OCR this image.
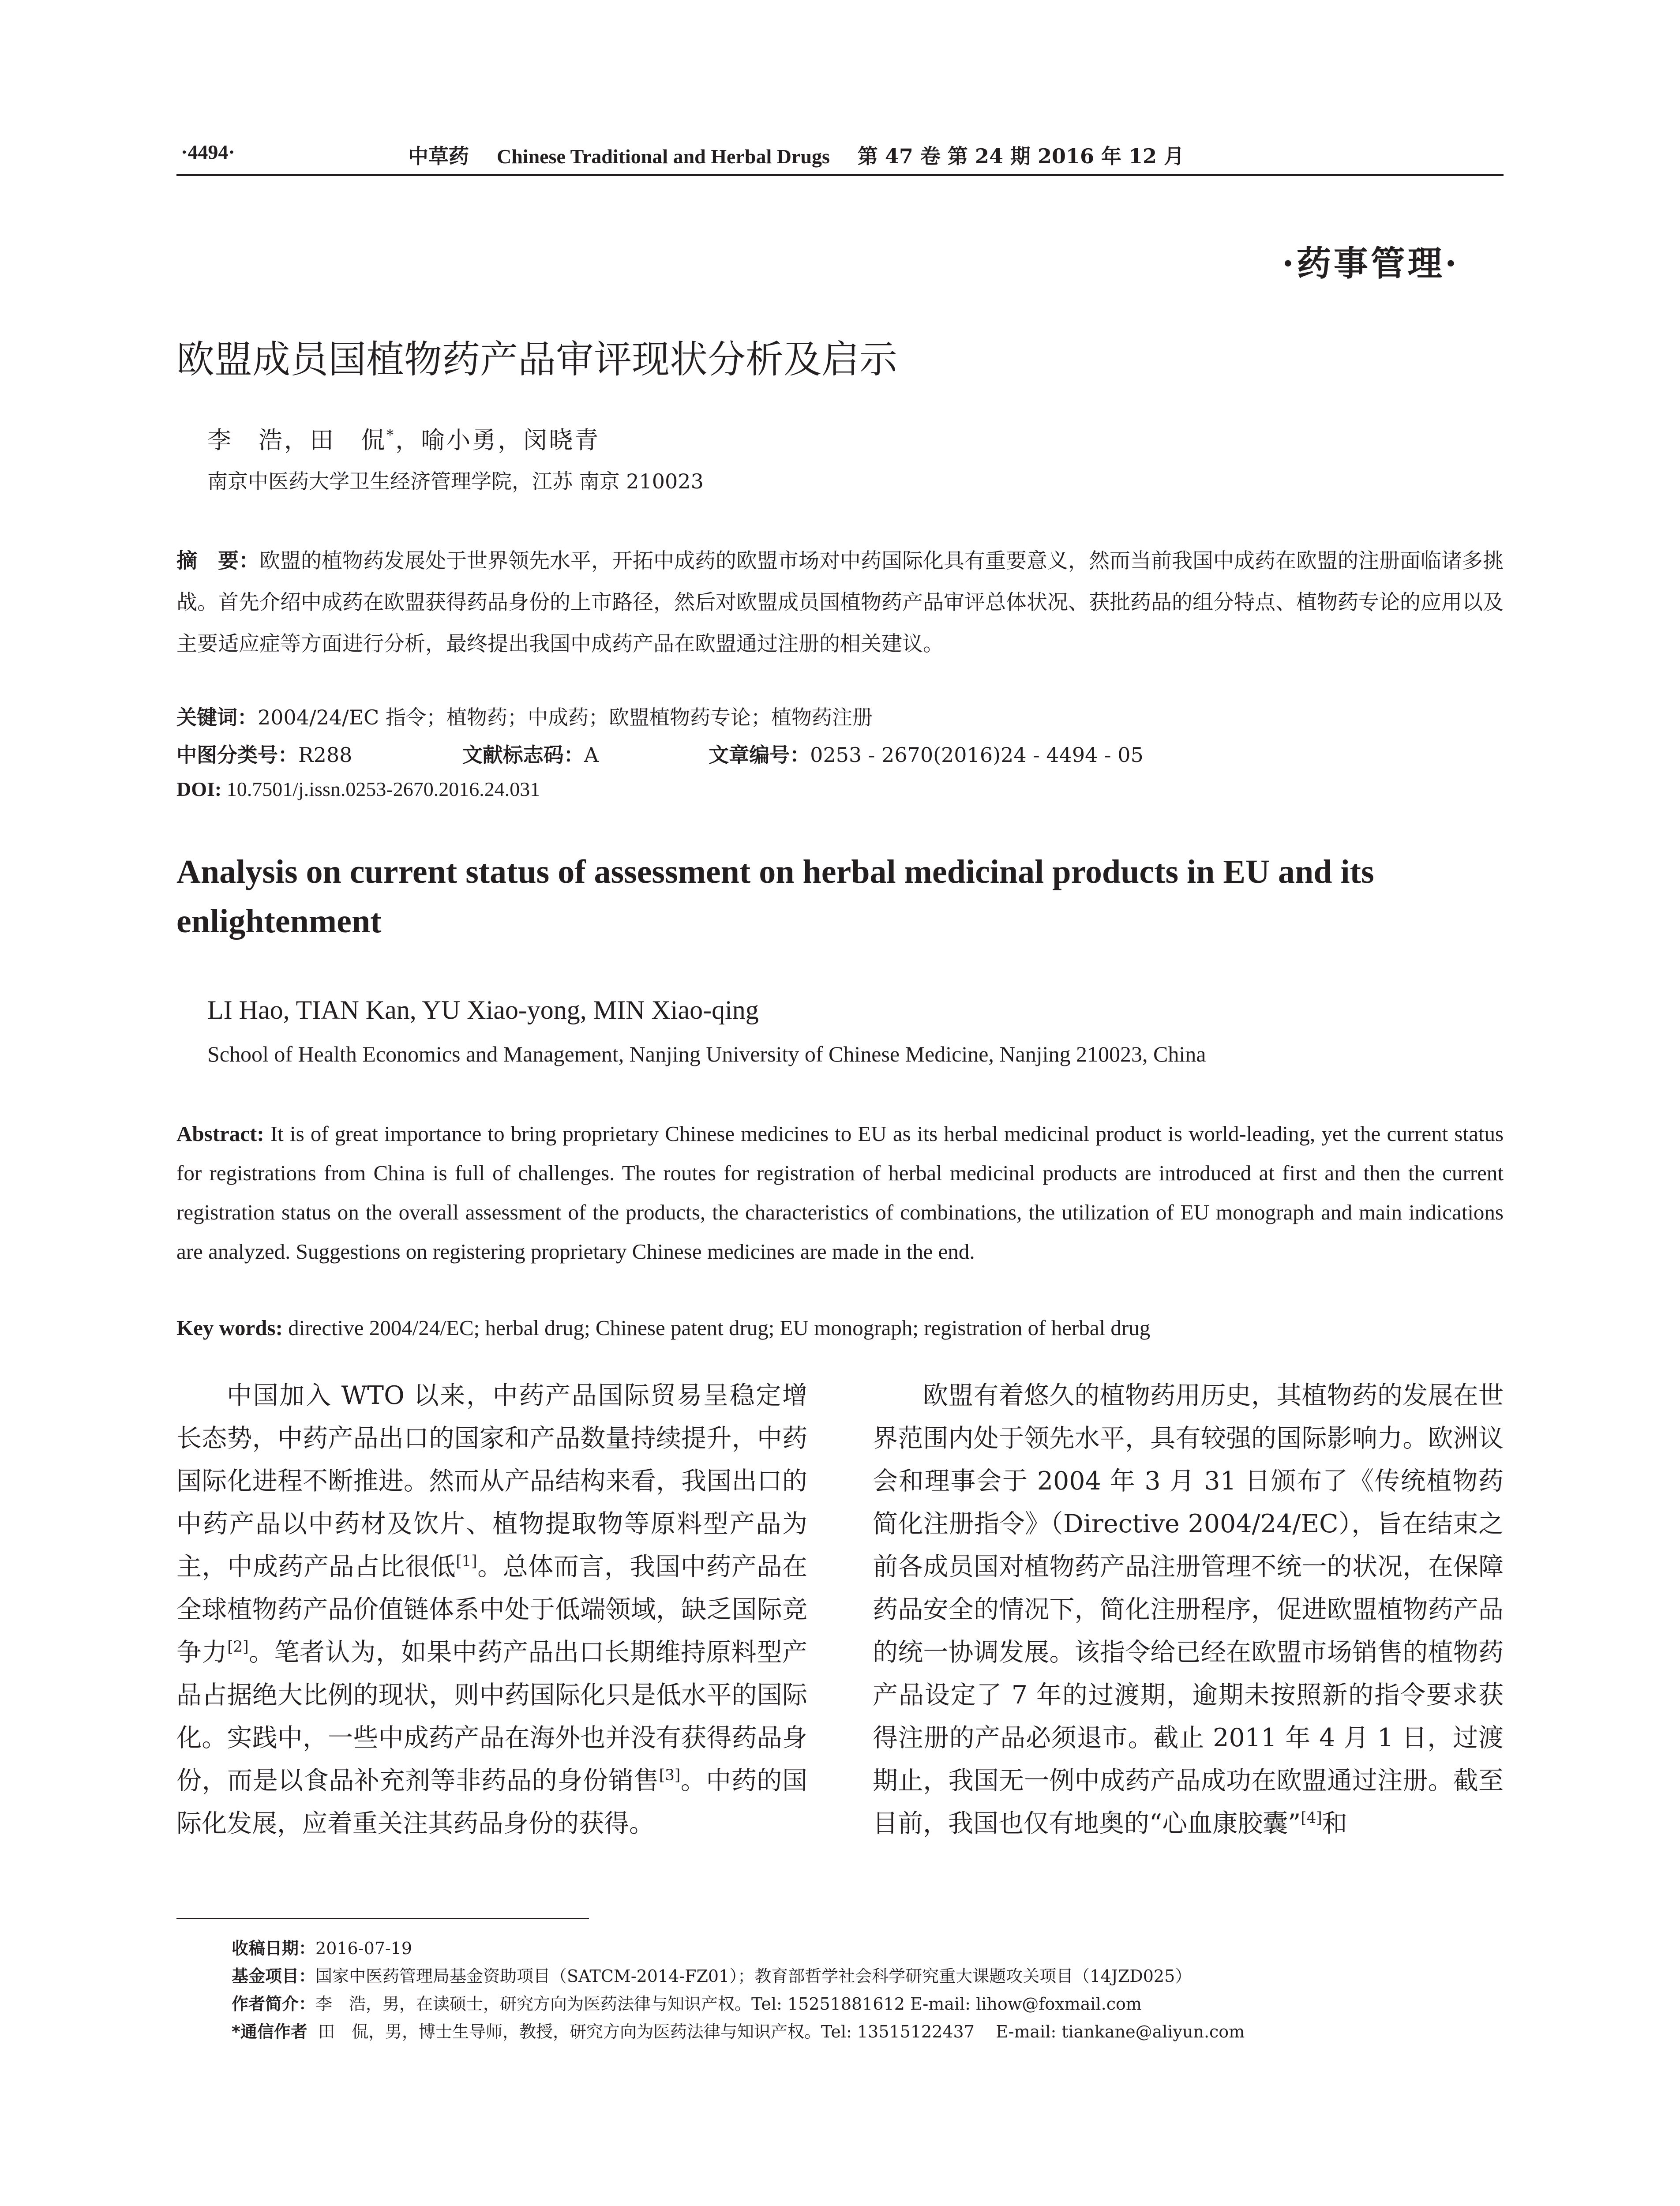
·4494·	中草药 Chinese Traditional and Herbal Drugs 第 47 卷 第 24 期 2016 年 12 月
·药事管理·
欧盟成员国植物药产品审评现状分析及启示
李　浩，田　侃*，喻小勇，闵晓青
南京中医药大学卫生经济管理学院，江苏 南京 210023
摘　要：欧盟的植物药发展处于世界领先水平，开拓中成药的欧盟市场对中药国际化具有重要意义，然而当前我国中成药在欧盟的注册面临诸多挑战。首先介绍中成药在欧盟获得药品身份的上市路径，然后对欧盟成员国植物药产品审评总体状况、获批药品的组分特点、植物药专论的应用以及主要适应症等方面进行分析，最终提出我国中成药产品在欧盟通过注册的相关建议。
关键词：2004/24/EC 指令；植物药；中成药；欧盟植物药专论；植物药注册
中图分类号：R288	文献标志码：A	文章编号：0253 - 2670(2016)24 - 4494 - 05
DOI: 10.7501/j.issn.0253-2670.2016.24.031
Analysis on current status of assessment on herbal medicinal products in EU and its enlightenment
LI Hao, TIAN Kan, YU Xiao-yong, MIN Xiao-qing
School of Health Economics and Management, Nanjing University of Chinese Medicine, Nanjing 210023, China
Abstract: It is of great importance to bring proprietary Chinese medicines to EU as its herbal medicinal product is world-leading, yet the current status for registrations from China is full of challenges. The routes for registration of herbal medicinal products are introduced at first and then the current registration status on the overall assessment of the products, the characteristics of combinations, the utilization of EU monograph and main indications are analyzed. Suggestions on registering proprietary Chinese medicines are made in the end.
Key words: directive 2004/24/EC; herbal drug; Chinese patent drug; EU monograph; registration of herbal drug
中国加入 WTO 以来，中药产品国际贸易呈稳定增长态势，中药产品出口的国家和产品数量持续提升，中药国际化进程不断推进。然而从产品结构来看，我国出口的中药产品以中药材及饮片、植物提取物等原料型产品为主，中成药产品占比很低[1]。总体而言，我国中药产品在全球植物药产品价值链体系中处于低端领域，缺乏国际竞争力[2]。笔者认为，如果中药产品出口长期维持原料型产品占据绝大比例的现状，则中药国际化只是低水平的国际化。实践中，一些中成药产品在海外也并没有获得药品身份，而是以食品补充剂等非药品的身份销售[3]。中药的国际化发展，应着重关注其药品身份的获得。
欧盟有着悠久的植物药用历史，其植物药的发展在世界范围内处于领先水平，具有较强的国际影响力。欧洲议会和理事会于 2004 年 3 月 31 日颁布了《传统植物药简化注册指令》（Directive 2004/24/EC），旨在结束之前各成员国对植物药产品注册管理不统一的状况，在保障药品安全的情况下，简化注册程序，促进欧盟植物药产品的统一协调发展。该指令给已经在欧盟市场销售的植物药产品设定了 7 年的过渡期，逾期未按照新的指令要求获得注册的产品必须退市。截止 2011 年 4 月 1 日，过渡期止，我国无一例中成药产品成功在欧盟通过注册。截至目前，我国也仅有地奥的“心血康胶囊”[4]和
收稿日期：2016-07-19
基金项目：国家中医药管理局基金资助项目（SATCM-2014-FZ01）；教育部哲学社会科学研究重大课题攻关项目（14JZD025）
作者简介：李　浩，男，在读硕士，研究方向为医药法律与知识产权。Tel: 15251881612 E-mail: lihow@foxmail.com
*通信作者  田　侃，男，博士生导师，教授，研究方向为医药法律与知识产权。Tel: 13515122437    E-mail: tiankane@aliyun.com
